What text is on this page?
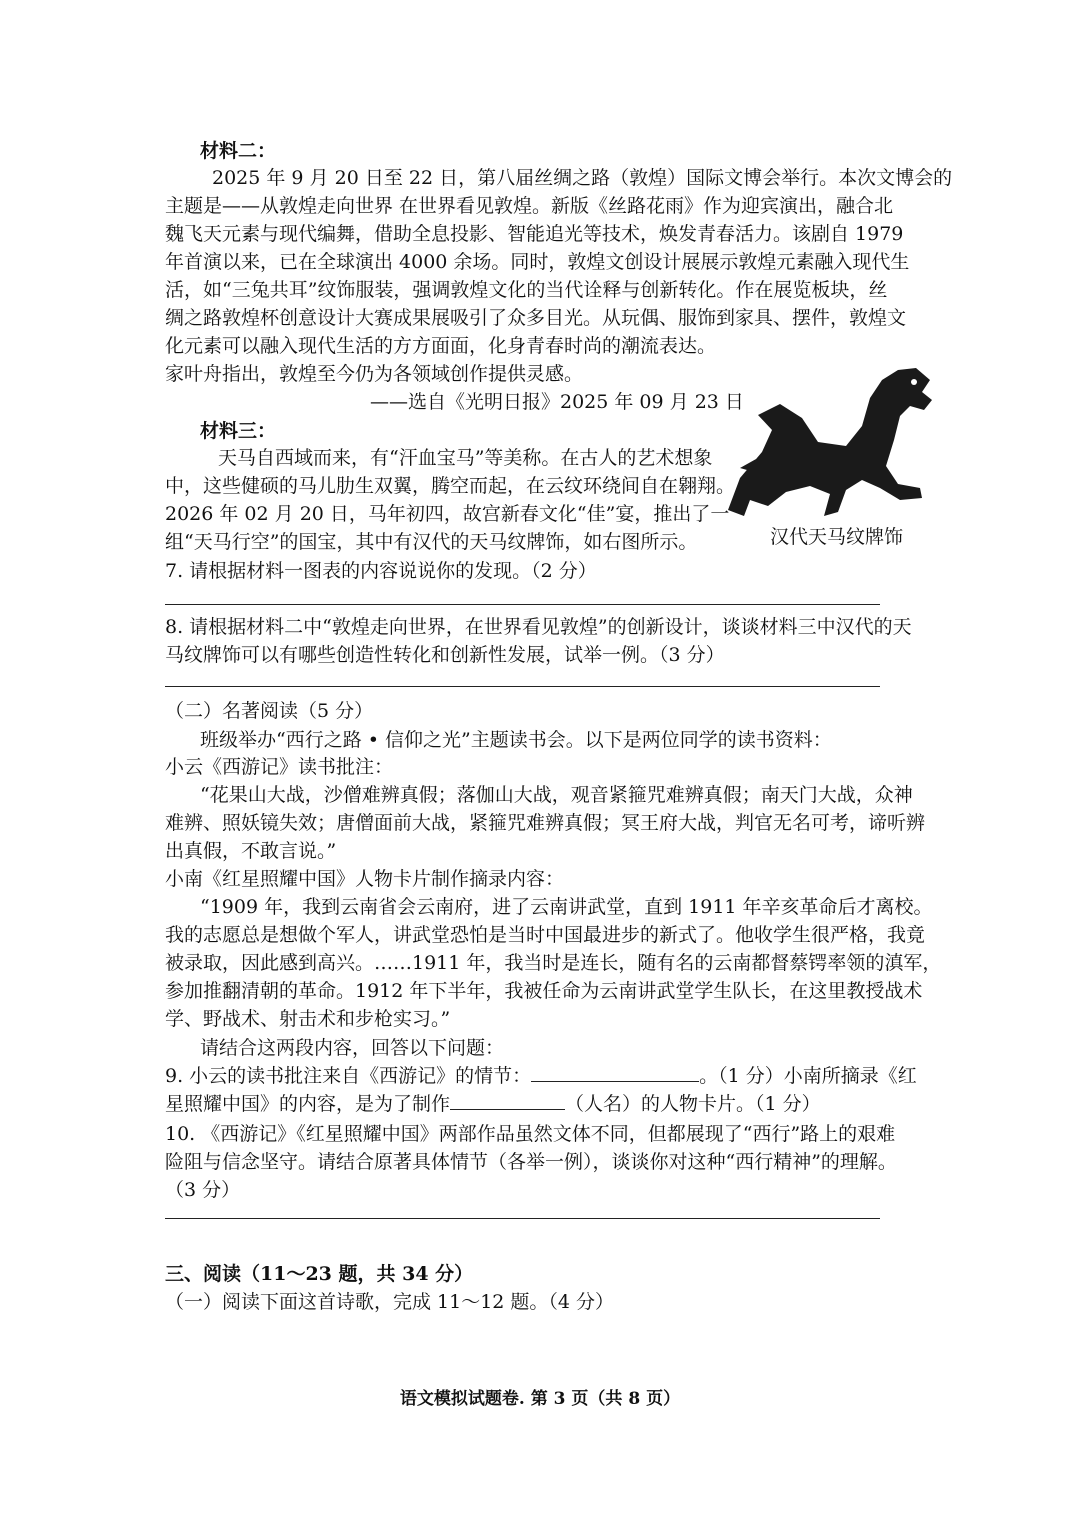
材料二：
2025 年 9 月 20 日至 22 日，第八届丝绸之路（敦煌）国际文博会举行。本次文博会的
主题是——从敦煌走向世界 在世界看见敦煌。新版《丝路花雨》作为迎宾演出，融合北
魏飞天元素与现代编舞，借助全息投影、智能追光等技术，焕发青春活力。该剧自 1979
年首演以来，已在全球演出 4000 余场。同时，敦煌文创设计展展示敦煌元素融入现代生
活，如“三兔共耳”纹饰服装，强调敦煌文化的当代诠释与创新转化。作在展览板块，丝
绸之路敦煌杯创意设计大赛成果展吸引了众多目光。从玩偶、服饰到家具、摆件，敦煌文
化元素可以融入现代生活的方方面面，化身青春时尚的潮流表达。
家叶舟指出，敦煌至今仍为各领域创作提供灵感。
——选自《光明日报》2025 年 09 月 23 日
汉代天马纹牌饰
材料三：
天马自西域而来，有“汗血宝马”等美称。在古人的艺术想象
中，这些健硕的马儿肋生双翼，腾空而起，在云纹环绕间自在翱翔。
2026 年 02 月 20 日，马年初四，故宫新春文化“佳”宴，推出了一
组“天马行空”的国宝，其中有汉代的天马纹牌饰，如右图所示。
7. 请根据材料一图表的内容说说你的发现。（2 分）
8. 请根据材料二中“敦煌走向世界，在世界看见敦煌”的创新设计，谈谈材料三中汉代的天
马纹牌饰可以有哪些创造性转化和创新性发展，试举一例。（3 分）
（二）名著阅读（5 分）
班级举办“西行之路 • 信仰之光”主题读书会。以下是两位同学的读书资料：
小云《西游记》读书批注：
“花果山大战，沙僧难辨真假；落伽山大战，观音紧箍咒难辨真假；南天门大战，众神
难辨、照妖镜失效；唐僧面前大战，紧箍咒难辨真假；冥王府大战，判官无名可考，谛听辨
出真假，不敢言说。”
小南《红星照耀中国》人物卡片制作摘录内容：
“1909 年，我到云南省会云南府，进了云南讲武堂，直到 1911 年辛亥革命后才离校。
我的志愿总是想做个军人，讲武堂恐怕是当时中国最进步的新式了。他收学生很严格，我竟
被录取，因此感到高兴。……1911 年，我当时是连长，随有名的云南都督蔡锷率领的滇军，
参加推翻清朝的革命。1912 年下半年，我被任命为云南讲武堂学生队长，在这里教授战术
学、野战术、射击术和步枪实习。”
请结合这两段内容，回答以下问题：
9. 小云的读书批注来自《西游记》的情节：	。（1 分）小南所摘录《红
星照耀中国》的内容，是为了制作	（人名）的人物卡片。（1 分）
10. 《西游记》《红星照耀中国》两部作品虽然文体不同，但都展现了“西行”路上的艰难
险阻与信念坚守。请结合原著具体情节（各举一例），谈谈你对这种“西行精神”的理解。
（3 分）
三、阅读（11～23 题，共 34 分）
（一）阅读下面这首诗歌，完成 11～12 题。（4 分）
语文模拟试题卷. 第 3 页（共 8 页）
